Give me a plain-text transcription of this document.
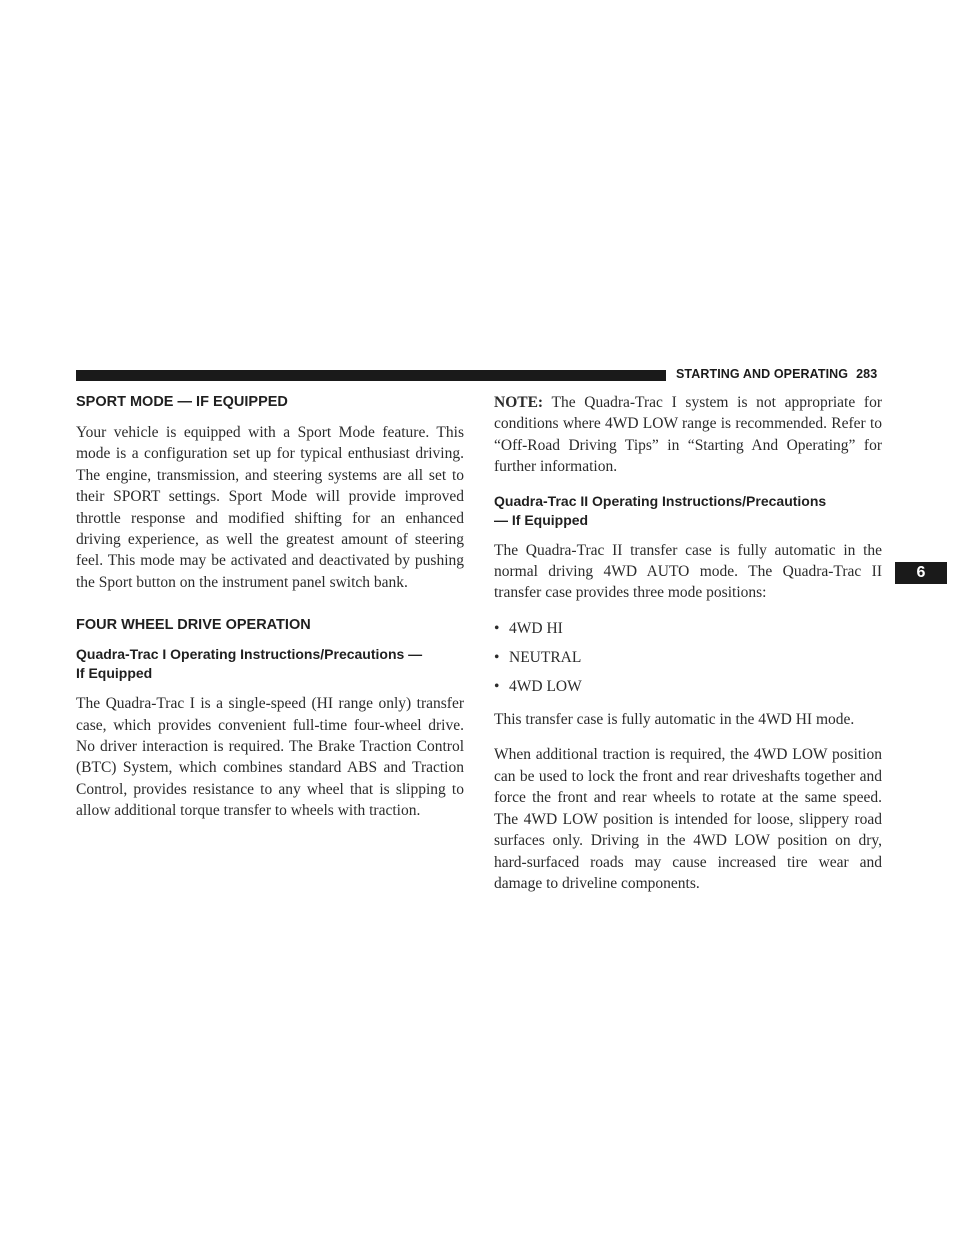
STARTING AND OPERATING 283
6
SPORT MODE — IF EQUIPPED

Your vehicle is equipped with a Sport Mode feature. This mode is a configuration set up for typical enthusiast driving. The engine, transmission, and steering systems are all set to their SPORT settings. Sport Mode will provide improved throttle response and modified shifting for an enhanced driving experience, as well the greatest amount of steering feel. This mode may be activated and deactivated by pushing the Sport button on the instrument panel switch bank.

FOUR WHEEL DRIVE OPERATION
Quadra-Trac I Operating Instructions/Precautions —
If Equipped

The Quadra-Trac I is a single-speed (HI range only) transfer case, which provides convenient full-time four-wheel drive. No driver interaction is required. The Brake Traction Control (BTC) System, which combines standard ABS and Traction Control, provides resistance to any wheel that is slipping to allow additional torque transfer to wheels with traction.

NOTE: The Quadra-Trac I system is not appropriate for conditions where 4WD LOW range is recommended. Refer to “Off-Road Driving Tips” in “Starting And Operating” for further information.

Quadra-Trac II Operating Instructions/Precautions
— If Equipped

The Quadra-Trac II transfer case is fully automatic in the normal driving 4WD AUTO mode. The Quadra-Trac II transfer case provides three mode positions:

• 4WD HI
• NEUTRAL
• 4WD LOW

This transfer case is fully automatic in the 4WD HI mode.

When additional traction is required, the 4WD LOW position can be used to lock the front and rear driveshafts together and force the front and rear wheels to rotate at the same speed. The 4WD LOW position is intended for loose, slippery road surfaces only. Driving in the 4WD LOW position on dry, hard-surfaced roads may cause increased tire wear and damage to driveline components.
